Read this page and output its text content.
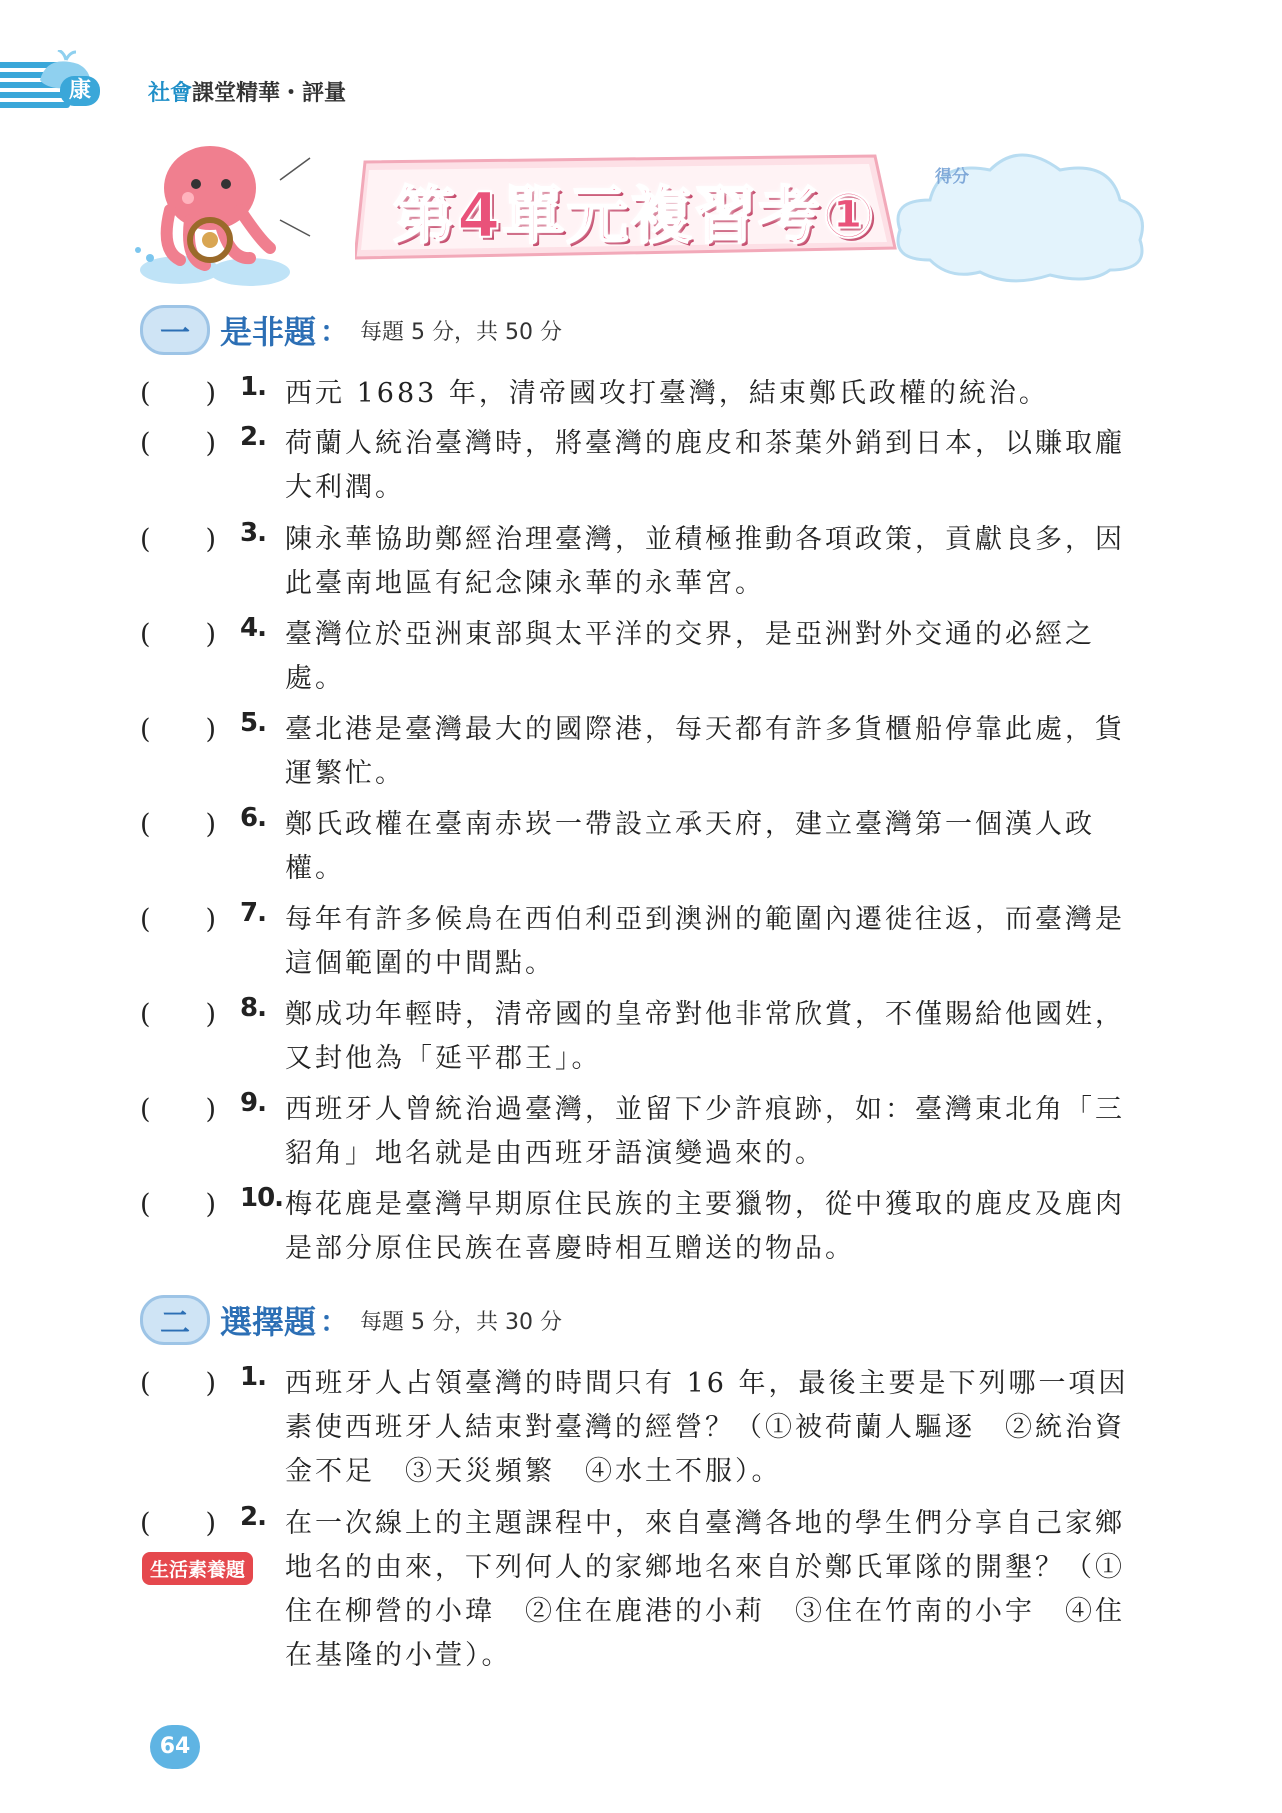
康	社會課堂精華・評量
第4單元複習考①
得分
一 是非題 ： 每題 5 分，共 50 分
( ) 1. 西元 1683 年，清帝國攻打臺灣，結束鄭氏政權的統治。
( ) 2. 荷蘭人統治臺灣時，將臺灣的鹿皮和茶葉外銷到日本，以賺取龐大利潤。
( ) 3. 陳永華協助鄭經治理臺灣，並積極推動各項政策，貢獻良多，因此臺南地區有紀念陳永華的永華宮。
( ) 4. 臺灣位於亞洲東部與太平洋的交界，是亞洲對外交通的必經之處。
( ) 5. 臺北港是臺灣最大的國際港，每天都有許多貨櫃船停靠此處，貨運繁忙。
( ) 6. 鄭氏政權在臺南赤崁一帶設立承天府，建立臺灣第一個漢人政權。
( ) 7. 每年有許多候鳥在西伯利亞到澳洲的範圍內遷徙往返，而臺灣是這個範圍的中間點。
( ) 8. 鄭成功年輕時，清帝國的皇帝對他非常欣賞，不僅賜給他國姓，又封他為「延平郡王」。
( ) 9. 西班牙人曾統治過臺灣，並留下少許痕跡，如：臺灣東北角「三貂角」地名就是由西班牙語演變過來的。
( ) 10. 梅花鹿是臺灣早期原住民族的主要獵物，從中獲取的鹿皮及鹿肉是部分原住民族在喜慶時相互贈送的物品。
二 選擇題 ： 每題 5 分，共 30 分
( ) 1. 西班牙人占領臺灣的時間只有 16 年，最後主要是下列哪一項因素使西班牙人結束對臺灣的經營？（①被荷蘭人驅逐　②統治資金不足　③天災頻繁　④水土不服）。
( ) 2. 在一次線上的主題課程中，來自臺灣各地的學生們分享自己家鄉地名的由來，下列何人的家鄉地名來自於鄭氏軍隊的開墾？（①住在柳營的小瑋　②住在鹿港的小莉　③住在竹南的小宇　④住在基隆的小萱）。
生活素養題
64
